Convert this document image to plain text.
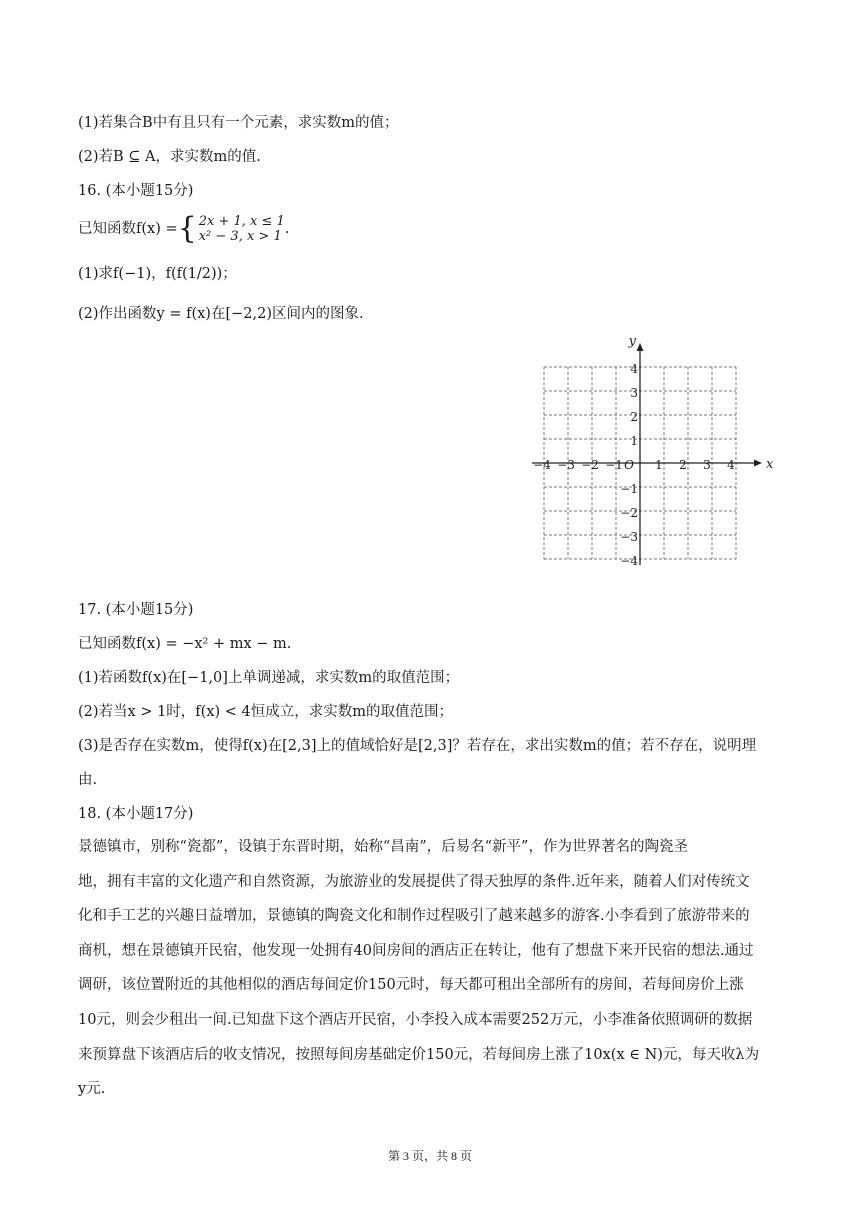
(1)若集合B中有且只有一个元素，求实数m的值；
(2)若B ⊆ A，求实数m的值.
16. (本小题15分)
已知函数f(x) = { 2x + 1, x ≤ 1
x² − 3, x > 1 .
(1)求f(−1)，f(f(1/2))；
(2)作出函数y = f(x)在[−2,2)区间内的图象.
x
y
O
−4 −3 −2 −1	1 2 3 4
4
3
2
1
−1
−2
−3
−4
17. (本小题15分)
已知函数f(x) = −x² + mx − m.
(1)若函数f(x)在[−1,0]上单调递减，求实数m的取值范围；
(2)若当x > 1时，f(x) < 4恒成立，求实数m的取值范围；
(3)是否存在实数m，使得f(x)在[2,3]上的值域恰好是[2,3]？若存在，求出实数m的值；若不存在，说明理
由.
18. (本小题17分)
景德镇市，别称“瓷都”，设镇于东晋时期，始称“昌南”，后易名“新平”，作为世界著名的陶瓷圣
地，拥有丰富的文化遗产和自然资源，为旅游业的发展提供了得天独厚的条件.近年来，随着人们对传统文
化和手工艺的兴趣日益增加，景德镇的陶瓷文化和制作过程吸引了越来越多的游客.小李看到了旅游带来的
商机，想在景德镇开民宿，他发现一处拥有40间房间的酒店正在转让，他有了想盘下来开民宿的想法.通过
调研，该位置附近的其他相似的酒店每间定价150元时，每天都可租出全部所有的房间，若每间房价上涨
10元，则会少租出一间.已知盘下这个酒店开民宿，小李投入成本需要252万元，小李准备依照调研的数据
来预算盘下该酒店后的收支情况，按照每间房基础定价150元，若每间房上涨了10x(x ∈ N)元，每天收λ为
y元.
第 3 页，共 8 页
